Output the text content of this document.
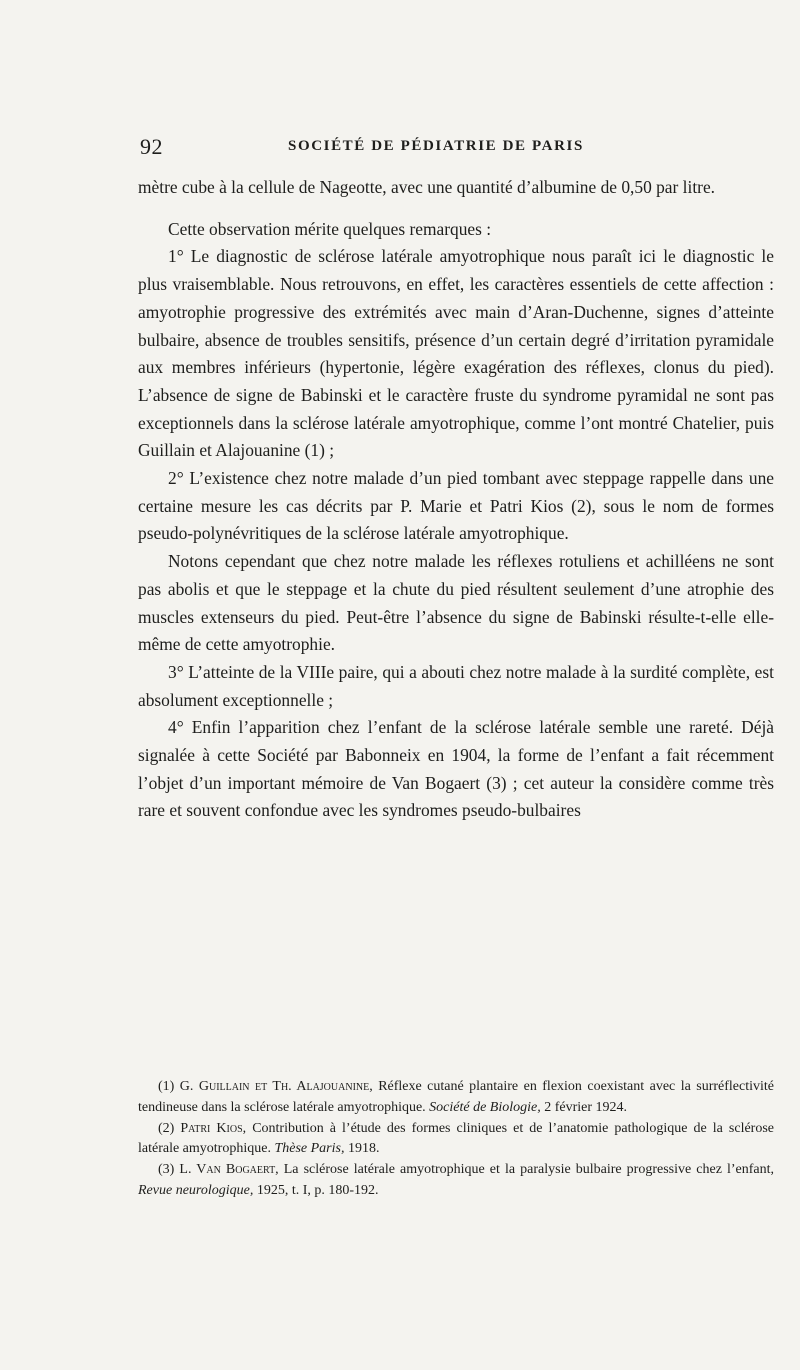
92	SOCIÉTÉ DE PÉDIATRIE DE PARIS

mètre cube à la cellule de Nageotte, avec une quantité d’albumine de 0,50 par litre.

Cette observation mérite quelques remarques :

1° Le diagnostic de sclérose latérale amyotrophique nous paraît ici le diagnostic le plus vraisemblable. Nous retrouvons, en effet, les caractères essentiels de cette affection : amyotrophie progressive des extrémités avec main d’Aran-Duchenne, signes d’atteinte bulbaire, absence de troubles sensitifs, présence d’un certain degré d’irritation pyramidale aux membres inférieurs (hypertonie, légère exagération des réflexes, clonus du pied). L’absence de signe de Babinski et le caractère fruste du syndrome pyramidal ne sont pas exceptionnels dans la sclérose latérale amyotrophique, comme l’ont montré Chatelier, puis Guillain et Alajouanine (1) ;

2° L’existence chez notre malade d’un pied tombant avec steppage rappelle dans une certaine mesure les cas décrits par P. Marie et Patri Kios (2), sous le nom de formes pseudo-polynévritiques de la sclérose latérale amyotrophique.

Notons cependant que chez notre malade les réflexes rotuliens et achilléens ne sont pas abolis et que le steppage et la chute du pied résultent seulement d’une atrophie des muscles extenseurs du pied. Peut-être l’absence du signe de Babinski résulte-t-elle elle-même de cette amyotrophie.

3° L’atteinte de la VIIIe paire, qui a abouti chez notre malade à la surdité complète, est absolument exceptionnelle ;

4° Enfin l’apparition chez l’enfant de la sclérose latérale semble une rareté. Déjà signalée à cette Société par Babonneix en 1904, la forme de l’enfant a fait récemment l’objet d’un important mémoire de Van Bogaert (3) ; cet auteur la considère comme très rare et souvent confondue avec les syndromes pseudo-bulbaires

(1) G. Guillain et Th. Alajouanine, Réflexe cutané plantaire en flexion coexistant avec la surréflectivité tendineuse dans la sclérose latérale amyotrophique. Société de Biologie, 2 février 1924.

(2) Patri Kios, Contribution à l’étude des formes cliniques et de l’anatomie pathologique de la sclérose latérale amyotrophique. Thèse Paris, 1918.

(3) L. Van Bogaert, La sclérose latérale amyotrophique et la paralysie bulbaire progressive chez l’enfant, Revue neurologique, 1925, t. I, p. 180-192.
